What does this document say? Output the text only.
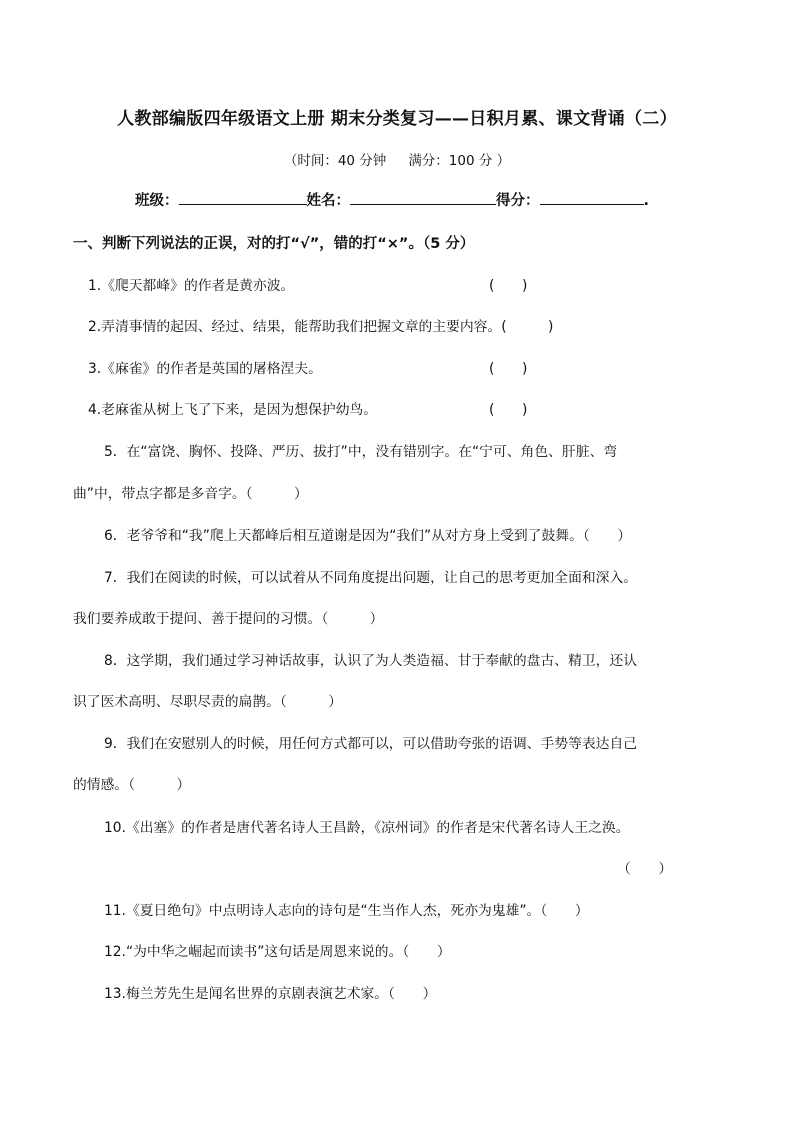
人教部编版四年级语文上册 期末分类复习——日积月累、课文背诵（二）
（时间：40 分钟 满分：100 分 ）
班级：	姓名：	得分：	.
一、判断下列说法的正误，对的打“√”，错的打“×”。（5 分）
1.《爬天都峰》的作者是黄亦波。	(　　)
2.弄清事情的起因、经过、结果，能帮助我们把握文章的主要内容。(　　　)
3.《麻雀》的作者是英国的屠格涅夫。	(　　)
4.老麻雀从树上飞了下来，是因为想保护幼鸟。	(　　)
5．在“富饶、胸怀、投降、严历、拔打”中，没有错别字。在“宁可、角色、肝脏、弯
曲”中，带点字都是多音字。（　　　）
6．老爷爷和“我”爬上天都峰后相互道谢是因为“我们”从对方身上受到了鼓舞。（　　）
7．我们在阅读的时候，可以试着从不同角度提出问题，让自己的思考更加全面和深入。
我们要养成敢于提问、善于提问的习惯。（　　　）
8．这学期，我们通过学习神话故事，认识了为人类造福、甘于奉献的盘古、精卫，还认
识了医术高明、尽职尽责的扁鹊。（　　　）
9．我们在安慰别人的时候，用任何方式都可以，可以借助夸张的语调、手势等表达自己
的情感。（　　　）
10.《出塞》的作者是唐代著名诗人王昌龄，《凉州词》的作者是宋代著名诗人王之涣。
（　　）
11.《夏日绝句》中点明诗人志向的诗句是“生当作人杰，死亦为鬼雄”。（　　）
12.“为中华之崛起而读书”这句话是周恩来说的。（　　）
13.梅兰芳先生是闻名世界的京剧表演艺术家。（　　）
